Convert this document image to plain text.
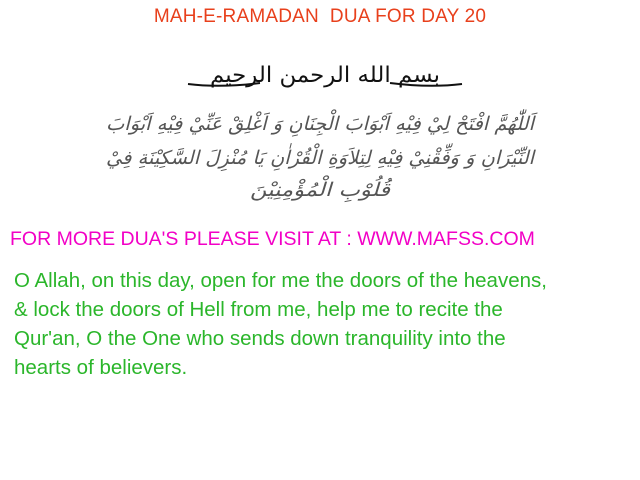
MAH-E-RAMADAN  DUA FOR DAY 20
بسم الله الرحمن الرحيم
اَللّٰهُمَّ افْتَحْ لِيْ فِيْهِ اَبْوَابَ الْجِنَانِ وَ اَغْلِقْ عَنِّيْ فِيْهِ اَبْوَابَ
النِّيْرَانِ وَ وَفِّقْنِيْ فِيْهِ لِتِلاَوَةِ الْقُرْاٰنِ يَا مُنْزِلَ السَّكِيْنَةِ فِيْ
قُلُوْبِ الْمُؤْمِنِيْنَ
FOR MORE DUA'S PLEASE VISIT AT : WWW.MAFSS.COM
O Allah, on this day, open for me the doors of the heavens,
& lock the doors of Hell from me, help me to recite the
Qur'an, O the One who sends down tranquility into the
hearts of believers.
